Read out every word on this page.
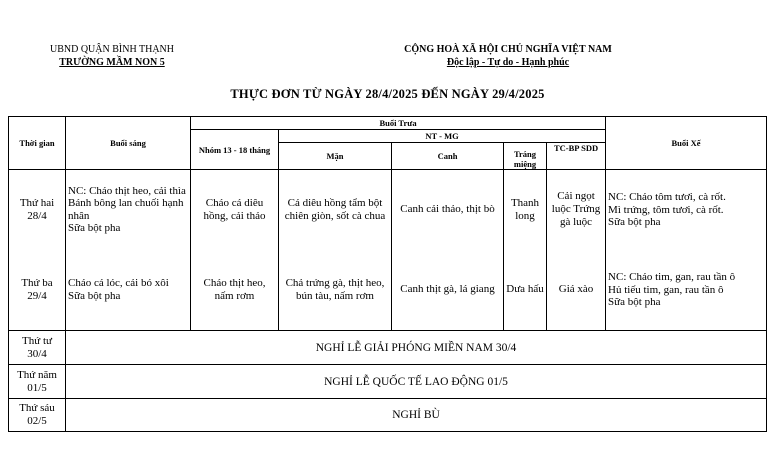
UBND QUẬN BÌNH THẠNH
TRƯỜNG MẦM NON 5
CỘNG HOÀ XÃ HỘI CHỦ NGHĨA VIỆT NAM
Độc lập - Tự do - Hạnh phúc
THỰC ĐƠN TỪ NGÀY 28/4/2025 ĐẾN NGÀY 29/4/2025
Thời gian	Buổi sáng	Buổi Trưa					Buổi Xế
		Nhóm 13 - 18 tháng	NT - MG				
			Mặn	Canh	Tráng miệng	TC-BP SDD	
Thứ hai 28/4	NC: Cháo thịt heo, cải thìa
Bánh bông lan chuối hạnh nhân
Sữa bột pha	Cháo cá diêu hồng, cải thảo	Cá diêu hồng tẩm bột chiên giòn, sốt cà chua	Canh cải thảo, thịt bò	Thanh long	Cải ngọt luộc Trứng gà luộc	NC: Cháo tôm tươi, cà rốt.
Mì trứng, tôm tươi, cà rốt.
Sữa bột pha

Thứ ba 29/4	Cháo cá lóc, cải bó xôi
Sữa bột pha	Cháo thịt heo, nấm rơm	Chả trứng gà, thịt heo, bún tàu, nấm rơm	Canh thịt gà, lá giang	Dưa hấu	Giá xào	NC: Cháo tim, gan, rau tần ô
Hủ tiếu tim, gan, rau tần ô
Sữa bột pha

Thứ tư 30/4	NGHỈ LỄ GIẢI PHÓNG MIỀN NAM 30/4						
Thứ năm 01/5	NGHỈ LỄ QUỐC TẾ LAO ĐỘNG 01/5						
Thứ sáu 02/5	NGHỈ BÙ						
